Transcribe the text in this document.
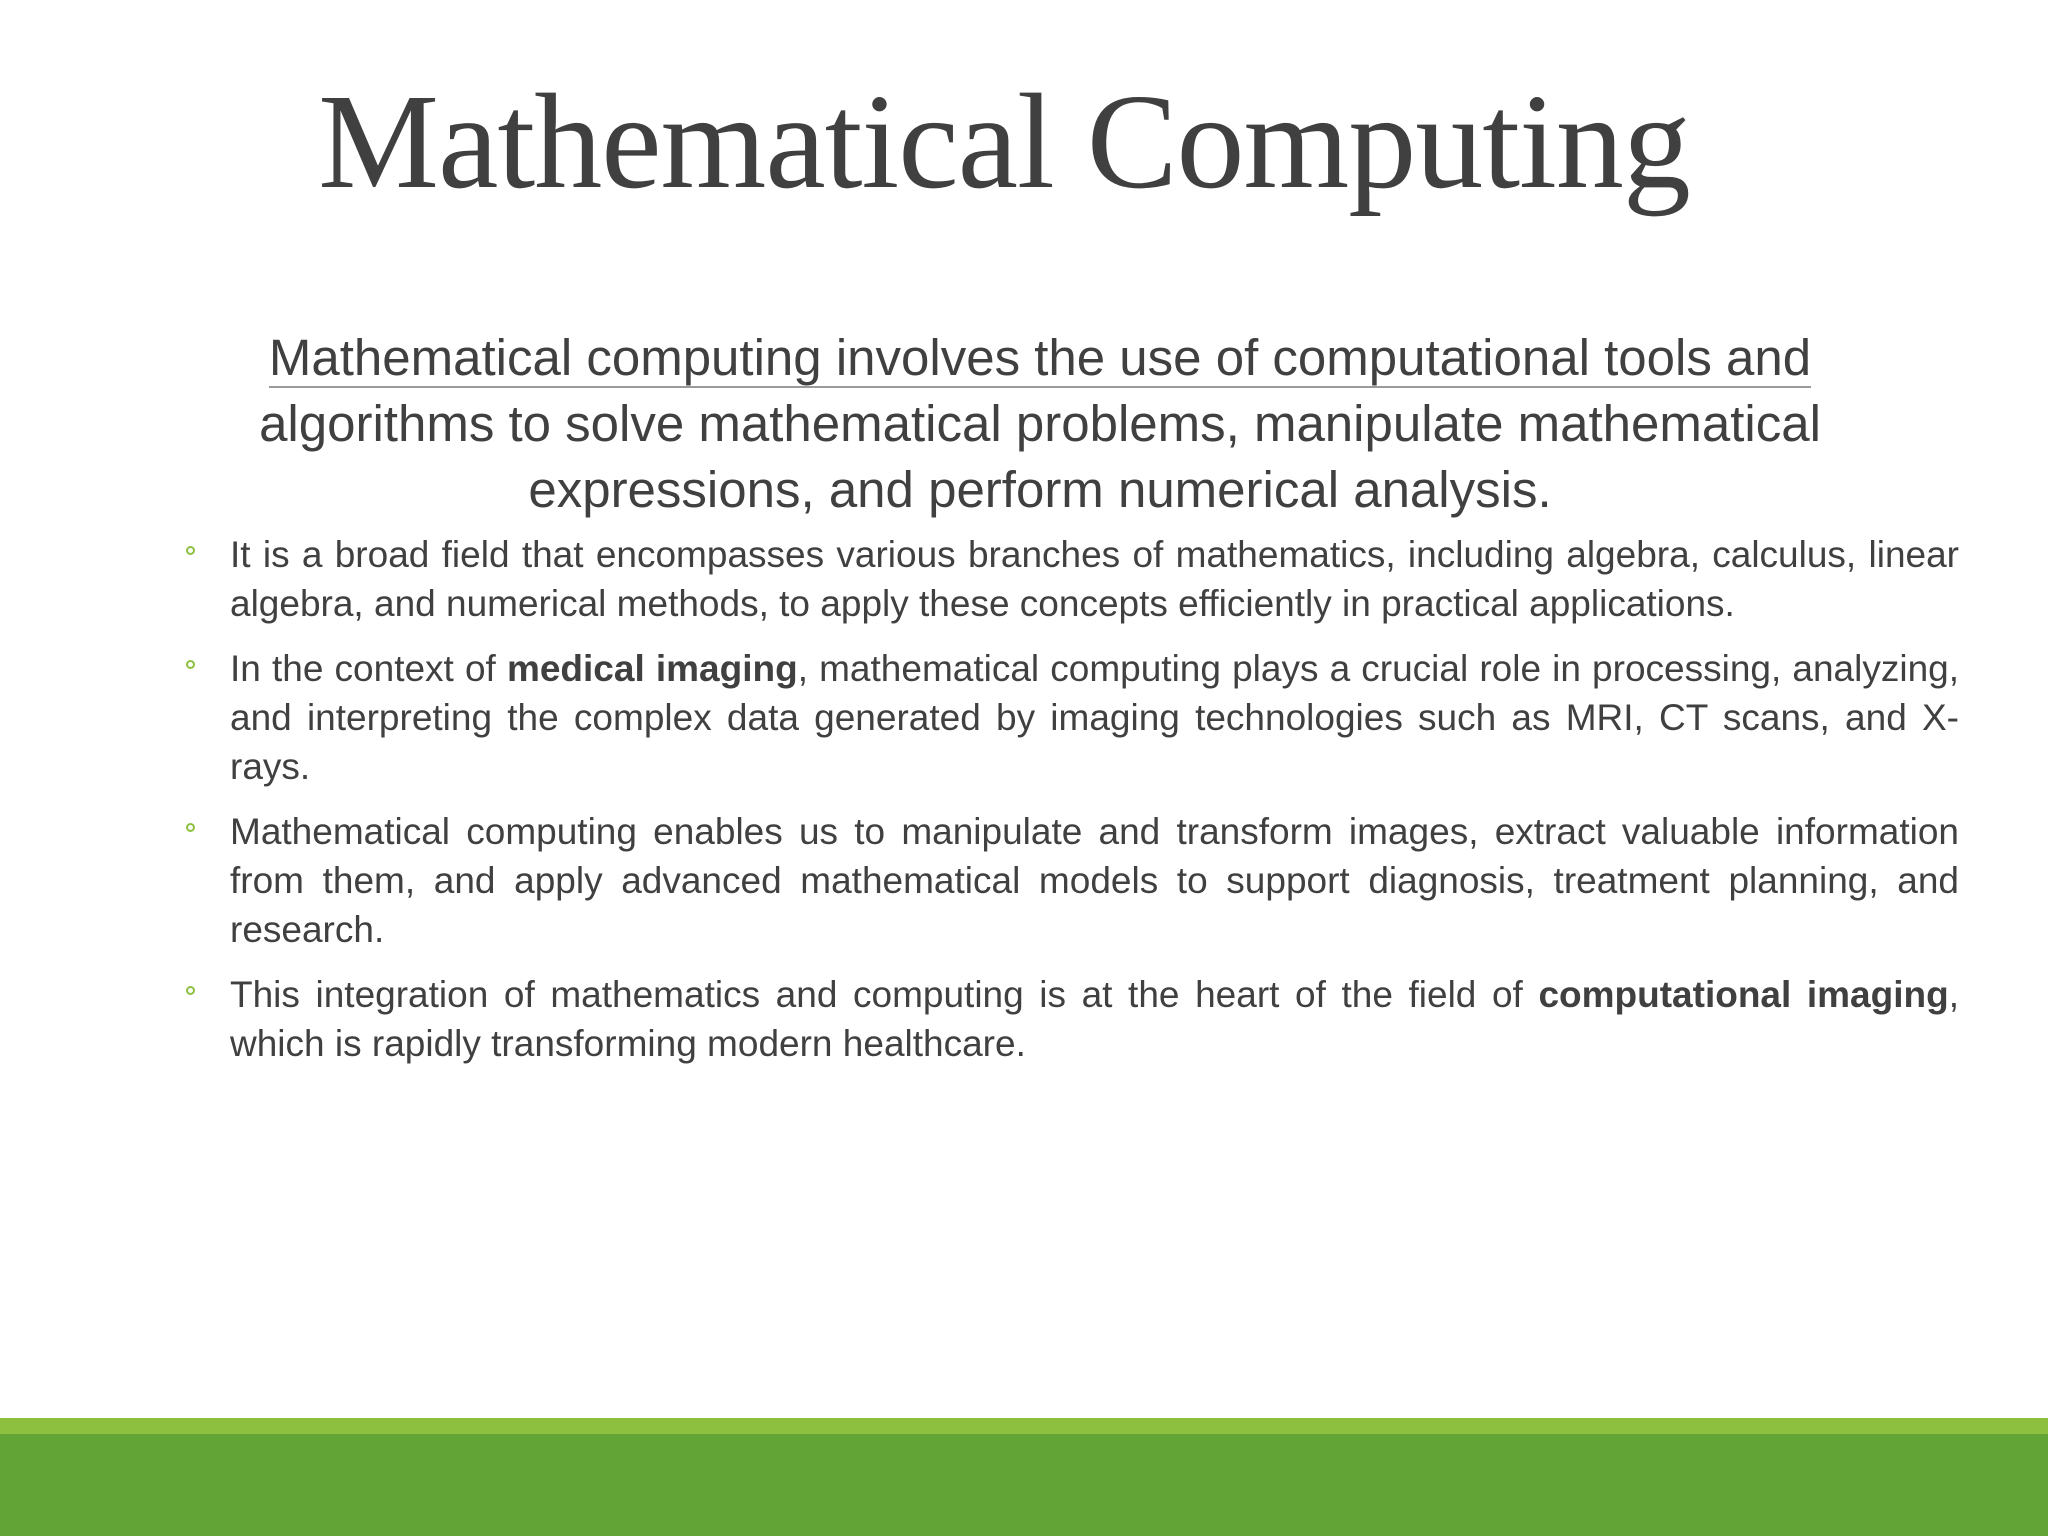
Mathematical Computing

Mathematical computing involves the use of computational tools and
algorithms to solve mathematical problems, manipulate mathematical expressions, and perform numerical analysis.

It is a broad field that encompasses various branches of mathematics, including algebra, calculus, linear algebra, and numerical methods, to apply these concepts efficiently in practical applications.
In the context of medical imaging, mathematical computing plays a crucial role in processing, analyzing, and interpreting the complex data generated by imaging technologies such as MRI, CT scans, and X-rays.
Mathematical computing enables us to manipulate and transform images, extract valuable information from them, and apply advanced mathematical models to support diagnosis, treatment planning, and research.
This integration of mathematics and computing is at the heart of the field of computational imaging, which is rapidly transforming modern healthcare.
